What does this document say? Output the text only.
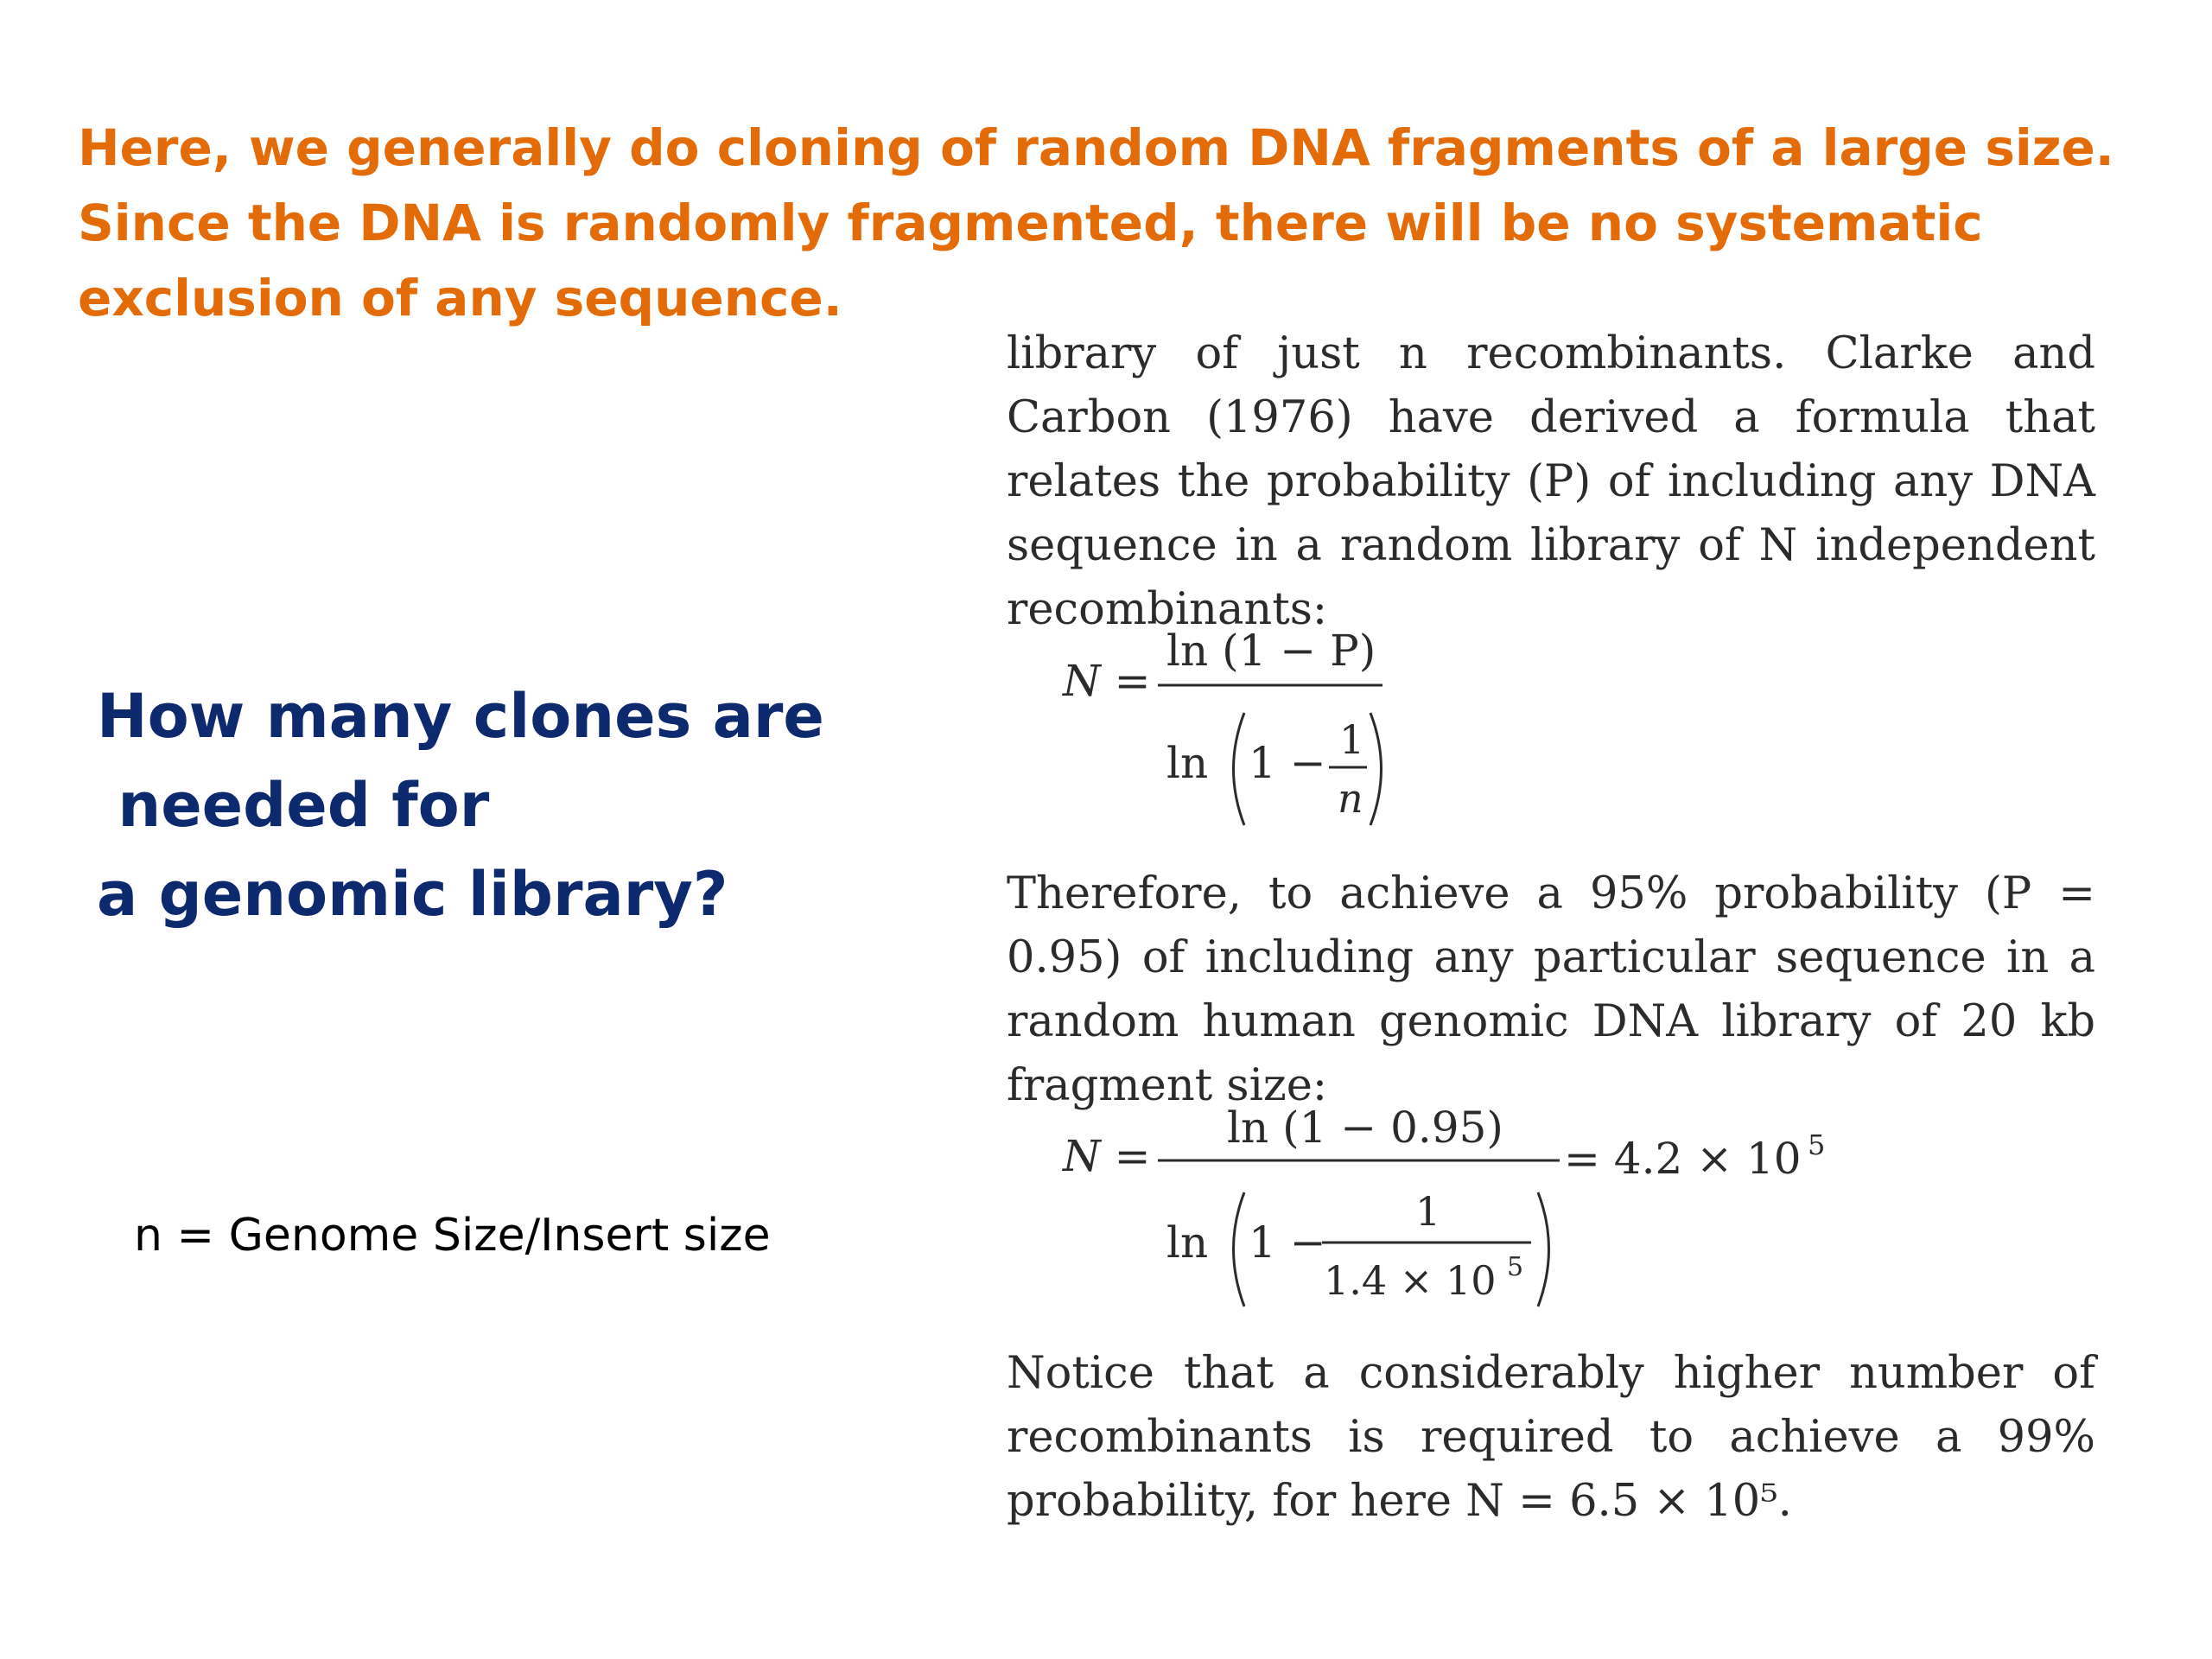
Here, we generally do cloning of random DNA fragments of a large size. Since the DNA is randomly fragmented, there will be no systematic exclusion of any sequence.

How many clones are
needed for
a genomic library?
n = Genome Size/Insert size

library of just n recombinants. Clarke and Carbon (1976) have derived a formula that relates the probability (P) of including any DNA sequence in a random library of N independent recombinants:

N =
ln (1 − P)
ln 1 − 1
n

Therefore, to achieve a 95% probability (P = 0.95) of including any particular sequence in a random human genomic DNA library of 20 kb fragment size:

N =
ln (1 − 0.95)
= 4.2 × 10 5
ln 1 −
1
1.4 × 10 5

Notice that a considerably higher number of recombinants is required to achieve a 99% probability, for here N = 6.5 × 10⁵.
